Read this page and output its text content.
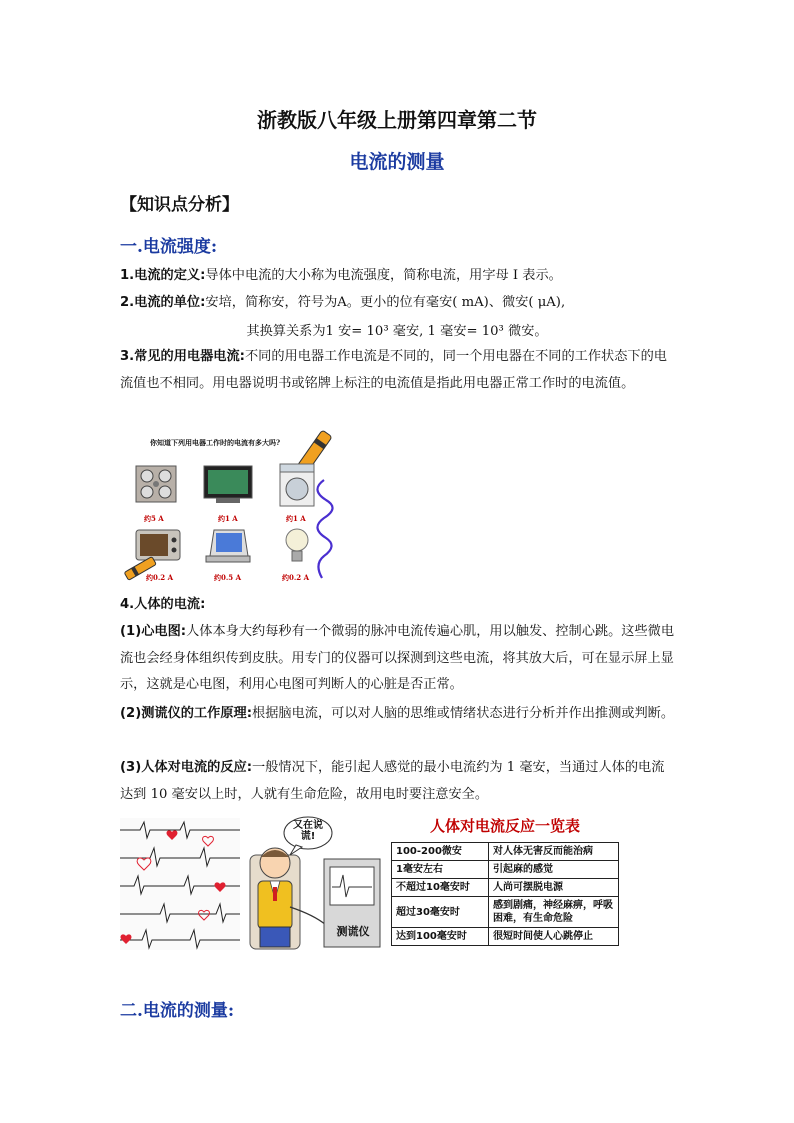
浙教版八年级上册第四章第二节
电流的测量
【知识点分析】
一.电流强度:
1.电流的定义:导体中电流的大小称为电流强度，简称电流，用字母 I 表示。
2.电流的单位:安培，简称安，符号为A。更小的位有毫安( mA)、微安( μA),
其换算关系为1 安= 10³ 毫安, 1 毫安= 10³ 微安。
3.常见的用电器电流:不同的用电器工作电流是不同的，同一个用电器在不同的工作状态下的电流值也不相同。用电器说明书或铭牌上标注的电流值是指此用电器正常工作时的电流值。
你知道下列用电器工作时的电流有多大吗?
约5 A	约1 A	约1 A
约0.2 A	约0.5 A	约0.2 A
4.人体的电流:
(1)心电图:人体本身大约每秒有一个微弱的脉冲电流传遍心肌，用以触发、控制心跳。这些微电流也会经身体组织传到皮肤。用专门的仪器可以探测到这些电流，将其放大后，可在显示屏上显示，这就是心电图，利用心电图可判断人的心脏是否正常。
(2)测谎仪的工作原理:根据脑电流，可以对人脑的思维或情绪状态进行分析并作出推测或判断。
(3)人体对电流的反应:一般情况下，能引起人感觉的最小电流约为 1 毫安，当通过人体的电流达到 10 毫安以上时，人就有生命危险，故用电时要注意安全。
又在说谎!
测谎仪
人体对电流反应一览表
100-200微安	对人体无害反而能治病
1毫安左右	引起麻的感觉
不超过10毫安时	人尚可摆脱电源
超过30毫安时	感到剧痛，神经麻痹，呼吸困难，有生命危险
达到100毫安时	很短时间使人心跳停止
二.电流的测量:
